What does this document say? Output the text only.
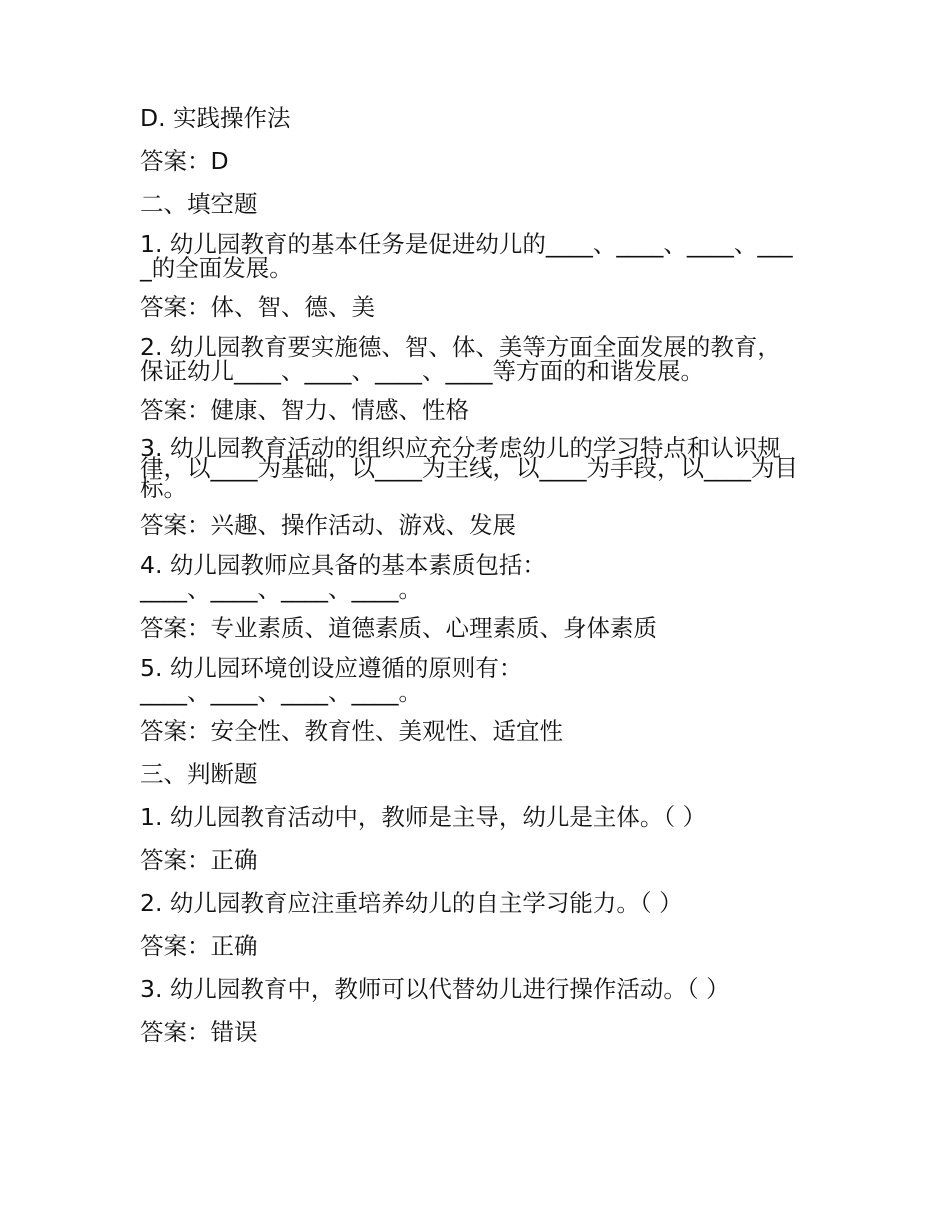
D. 实践操作法

答案：D

二、填空题

1. 幼儿园教育的基本任务是促进幼儿的____、____、____、____的全面发展。

答案：体、智、德、美

2. 幼儿园教育要实施德、智、体、美等方面全面发展的教育，保证幼儿____、____、____、____等方面的和谐发展。

答案：健康、智力、情感、性格

3. 幼儿园教育活动的组织应充分考虑幼儿的学习特点和认识规律，以____为基础，以____为主线，以____为手段，以____为目标。

答案：兴趣、操作活动、游戏、发展

4. 幼儿园教师应具备的基本素质包括：
____、____、____、____。

答案：专业素质、道德素质、心理素质、身体素质

5. 幼儿园环境创设应遵循的原则有：
____、____、____、____。

答案：安全性、教育性、美观性、适宜性

三、判断题

1. 幼儿园教育活动中，教师是主导，幼儿是主体。（ ）

答案：正确

2. 幼儿园教育应注重培养幼儿的自主学习能力。（ ）

答案：正确

3. 幼儿园教育中，教师可以代替幼儿进行操作活动。（ ）

答案：错误
